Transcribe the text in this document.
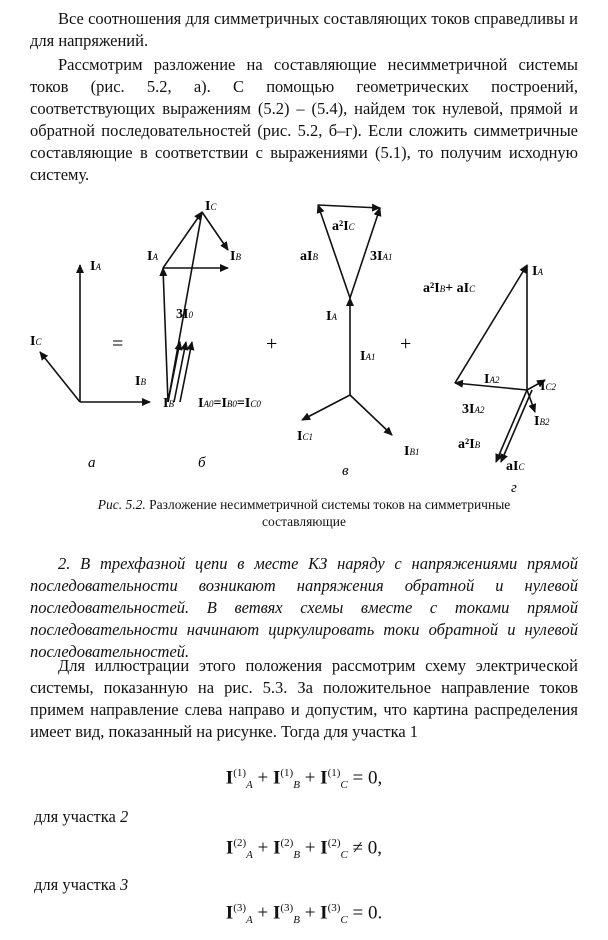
Все соотношения для симметричных составляющих токов справедливы и для напряжений.

Рассмотрим разложение на составляющие несимметричной системы токов (рис. 5.2, а). С помощью геометрических построений, соответствующих выражениям (5.2) – (5.4), найдем ток нулевой, прямой и обратной последовательностей (рис. 5.2, б–г). Если сложить симметричные составляющие в соответствии с выражениями (5.1), то получим исходную систему.

IA
IB
IC	=
IC
IA	IB
3I0
IB IA0=IB0=IC0
+
a²IC
aIB	3IA1
IA
IA1
IC1
IB1
+
IA
a²IB+ aIC
IA2	IC2
3IA2
IB2
a²IB
aIC
а	б	в
г
Рис. 5.2. Разложение несимметричной системы токов на симметричные составляющие

2. В трехфазной цепи в месте КЗ наряду с напряжениями прямой последовательности возникают напряжения обратной и нулевой последовательностей. В ветвях схемы вместе с токами прямой последовательности начинают циркулировать токи обратной и нулевой последовательностей.

Для иллюстрации этого положения рассмотрим схему электрической системы, показанную на рис. 5.3. За положительное направление токов примем направление слева направо и допустим, что картина распределения имеет вид, показанный на рисунке. Тогда для участка 1

$I^{(1)}_A + I^{(1)}_B + I^{(1)}_C = 0$,
для участка 2
$I^{(2)}_A + I^{(2)}_B + I^{(2)}_C \ne 0$,
для участка 3
$I^{(3)}_A + I^{(3)}_B + I^{(3)}_C = 0$.
